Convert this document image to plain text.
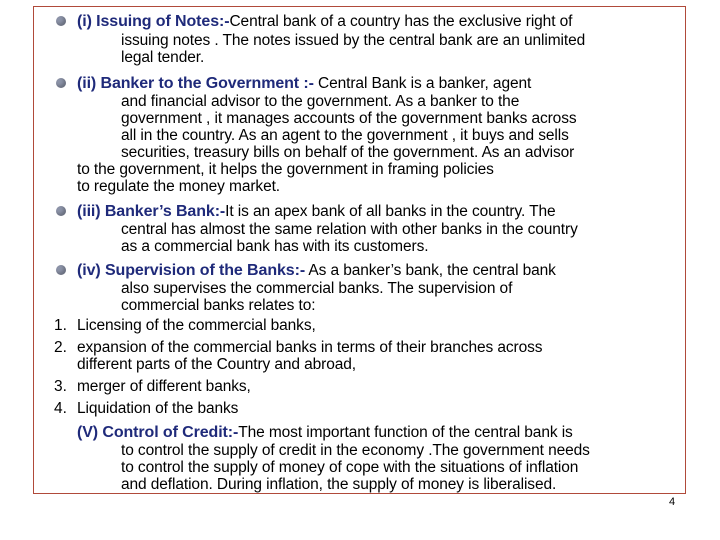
(i) Issuing of Notes:-Central bank of a country has the exclusive right of
issuing notes . The notes issued by the central bank are an unlimited
legal tender.
(ii) Banker to the Government :- Central Bank is a banker, agent
and financial advisor to the government. As a banker to the
government , it manages accounts of the government banks across
all in the country. As an agent to the government , it buys and sells
securities, treasury bills on behalf of the government. As an advisor
to the government, it helps the government in framing policies
to regulate the money market.
(iii) Banker’s Bank:-It is an apex bank of all banks in the country. The
central has almost the same relation with other banks in the country
as a commercial bank has with its customers.
(iv) Supervision of the Banks:- As a banker’s bank, the central bank
also supervises the commercial banks. The supervision of
commercial banks relates to:
1. Licensing of the commercial banks,
2. expansion of the commercial banks in terms of their branches across
different parts of the Country and abroad,
3. merger of different banks,
4. Liquidation of the banks
(V) Control of Credit:-The most important function of the central bank is
to control the supply of credit in the economy .The government needs
to control the supply of money of cope with the situations of inflation
and deflation. During inflation, the supply of money is liberalised.
4
